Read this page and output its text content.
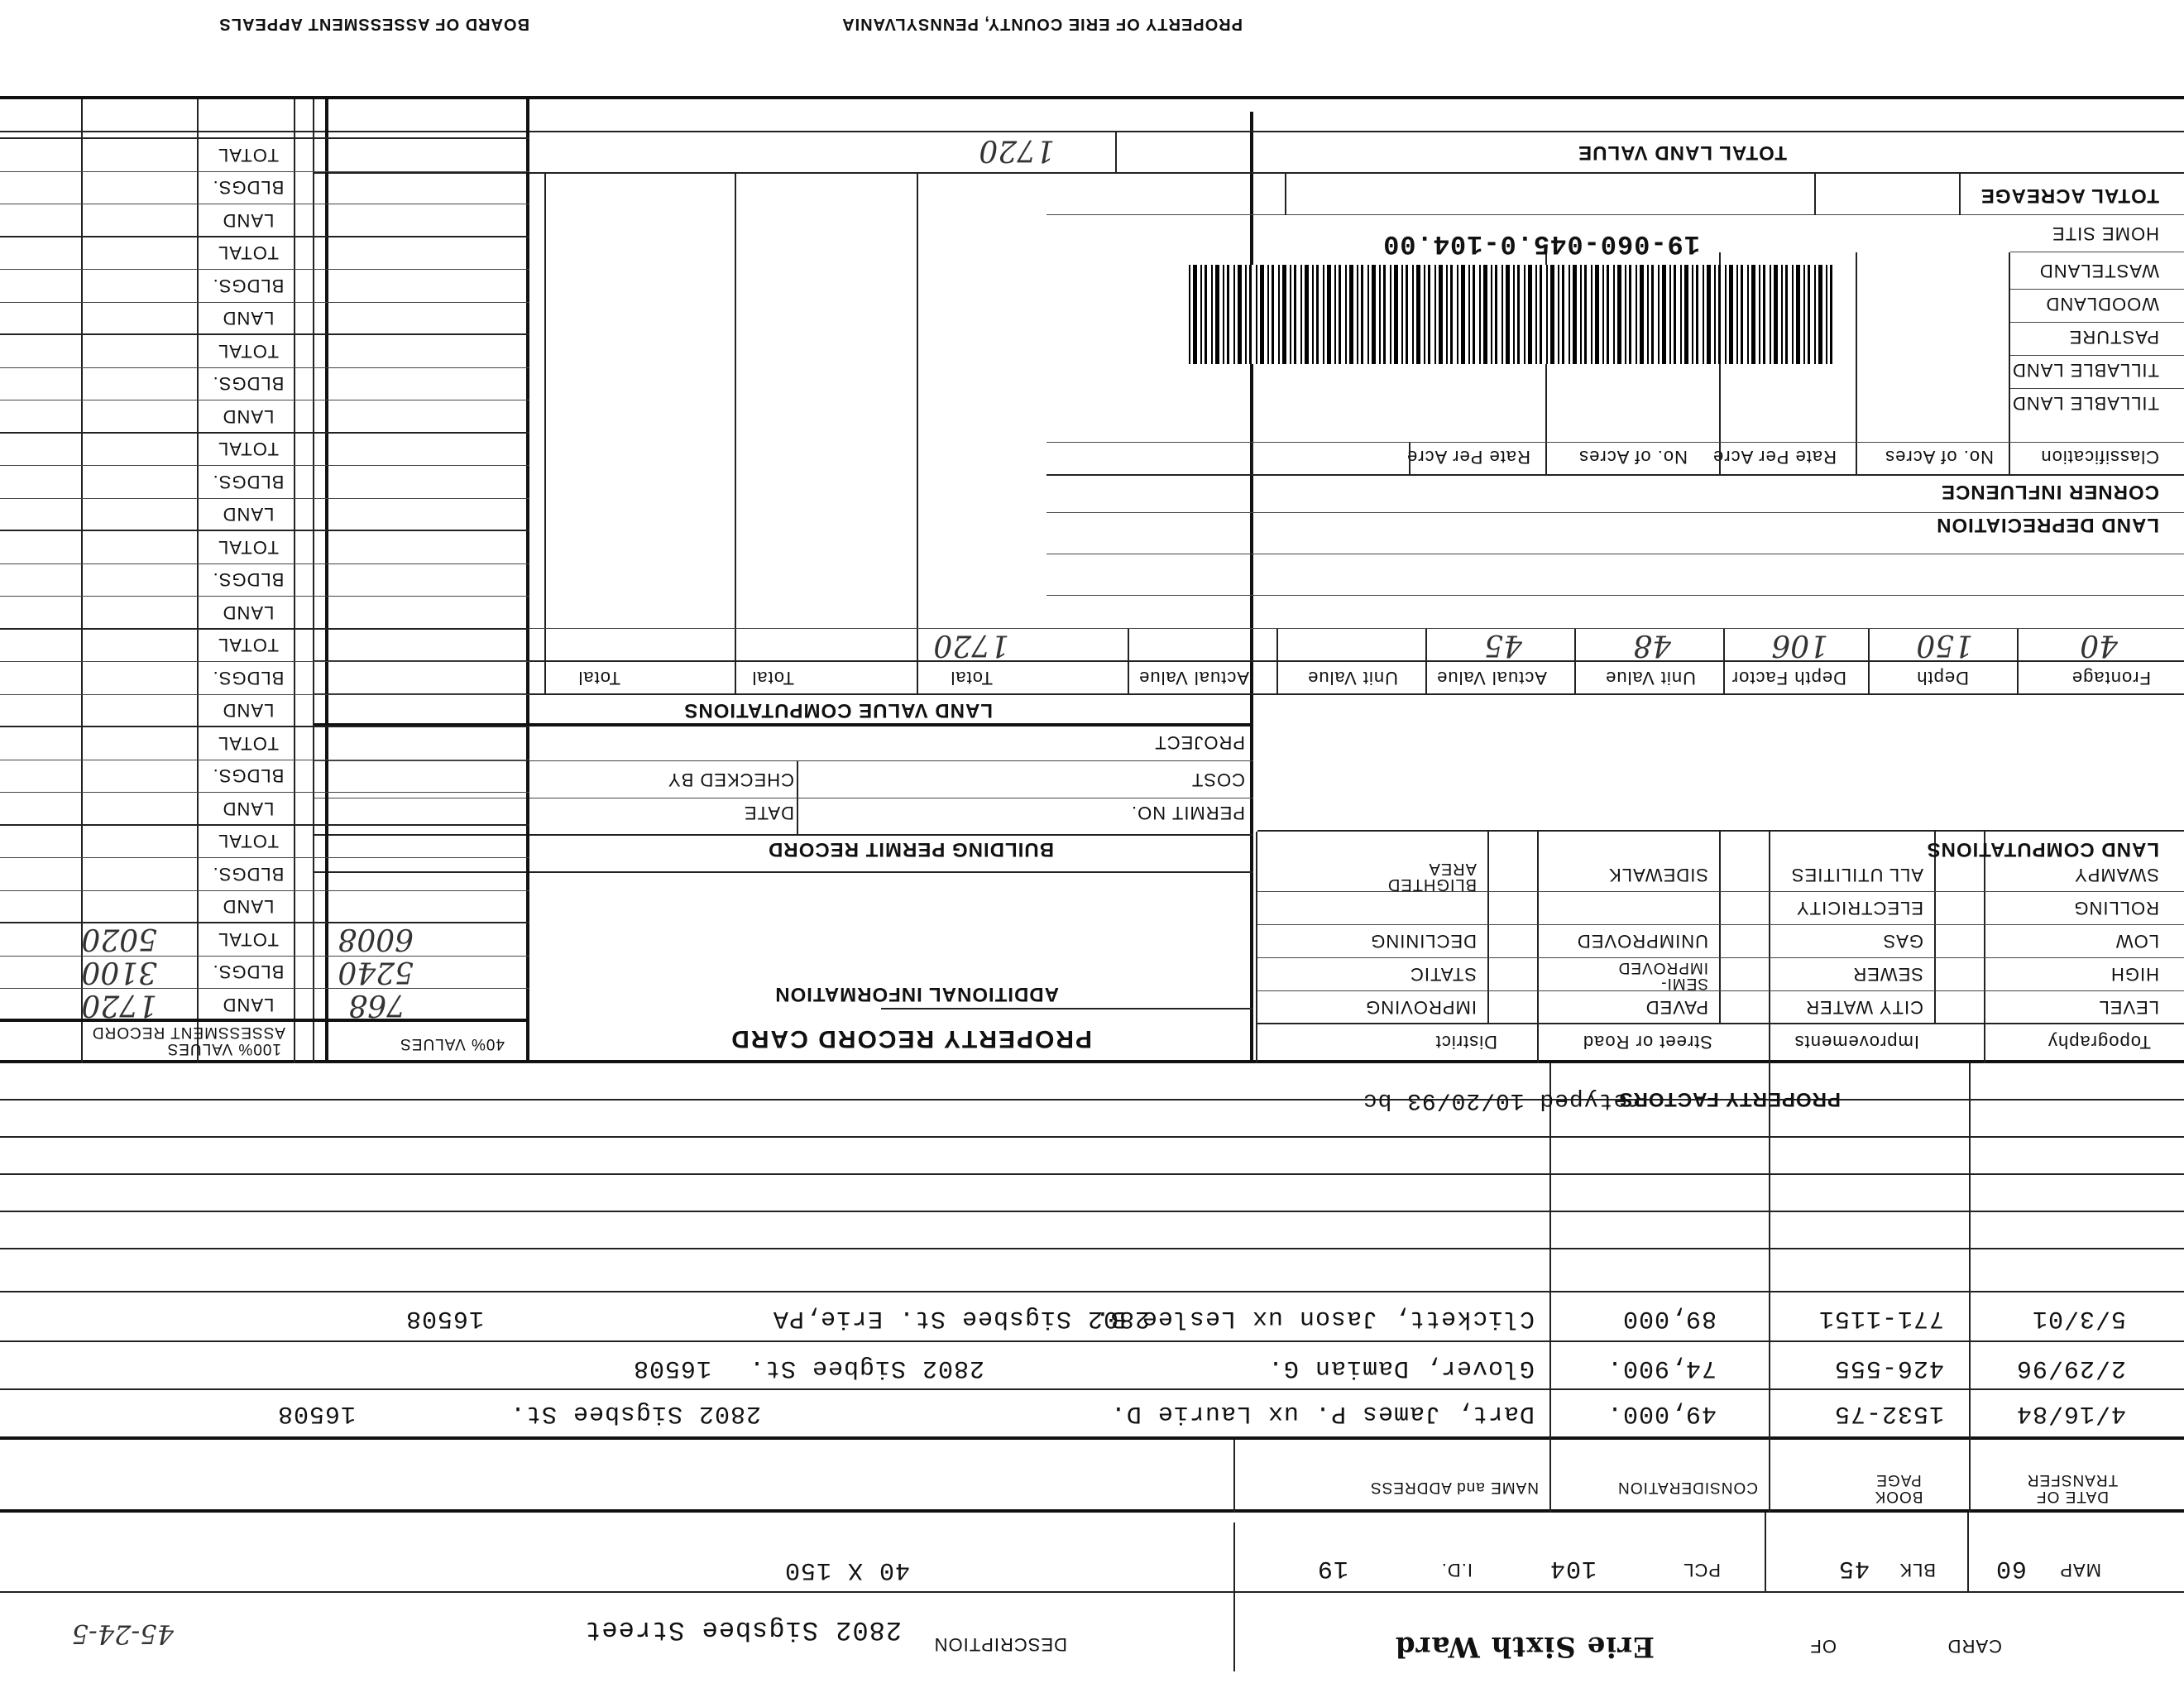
PROPERTY OF ERIE COUNTY, PENNSYLVANIA
BOARD OF ASSESSMENT APPEALS
CARD
OF
Erie Sixth Ward
DESCRIPTION
2802 Sigsbee Street
45-24-5
MAP
60
BLK
45
PCL
104
I.D.
19
40 X 150
DATE OF TRANSFER
BOOK PAGE
CONSIDERATION
NAME and ADDRESS
4/16/84
1532-75
49,000.
Dart, James P. ux Laurie D.
2802 Sigsbee St.
16508
2/29/96
426-555
74,900.
Glover, Damian G.
2802 Sigbee St.
16508
5/3/01
771-1151
89,000
Clickett, Jason ux Leslee B.
2802 Sigsbee St. Erie,PA
16508
PROPERTY FACTORS
retyped 10/20/93 bc
Topography
Improvements
Street or Road
District
LEVEL
HIGH
LOW
ROLLING
SWAMPY
CITY WATER
SEWER
GAS
ELECTRICITY
ALL UTILITIES
PAVED
SEMI-IMPROVED
UNIMPROVED
SIDEWALK
IMPROVING
STATIC
DECLINING
BLIGHTED AREA
PROPERTY RECORD CARD
ADDITIONAL INFORMATION
BUILDING PERMIT RECORD
PERMIT NO.
DATE
COST
CHECKED BY
PROJECT
LAND COMPUTATIONS
LAND VALUE COMPUTATIONS
Frontage
Depth
Depth Factor
Unit Value
Actual Value
Unit Value
Actual Value
Total
Total
Total
40
150
106
48
45
1720
LAND DEPRECIATION
CORNER INFLUENCE
Classification
No. of Acres
Rate Per Acre
No. of Acres
Rate Per Acre
TILLABLE LAND
TILLABLE LAND
PASTURE
WOODLAND
WASTELAND
HOME SITE
19-060-045.0-104.00
TOTAL ACREAGE
TOTAL LAND VALUE
1720
40% VALUES
100% VALUES
ASSESSMENT RECORD
LAND
BLDGS.
TOTAL
LAND
BLDGS.
TOTAL
LAND
BLDGS.
TOTAL
LAND
BLDGS.
TOTAL
LAND
BLDGS.
TOTAL
LAND
BLDGS.
TOTAL
LAND
BLDGS.
TOTAL
LAND
BLDGS.
TOTAL
LAND
BLDGS.
TOTAL
768
5240
6008
1720
3100
5020
